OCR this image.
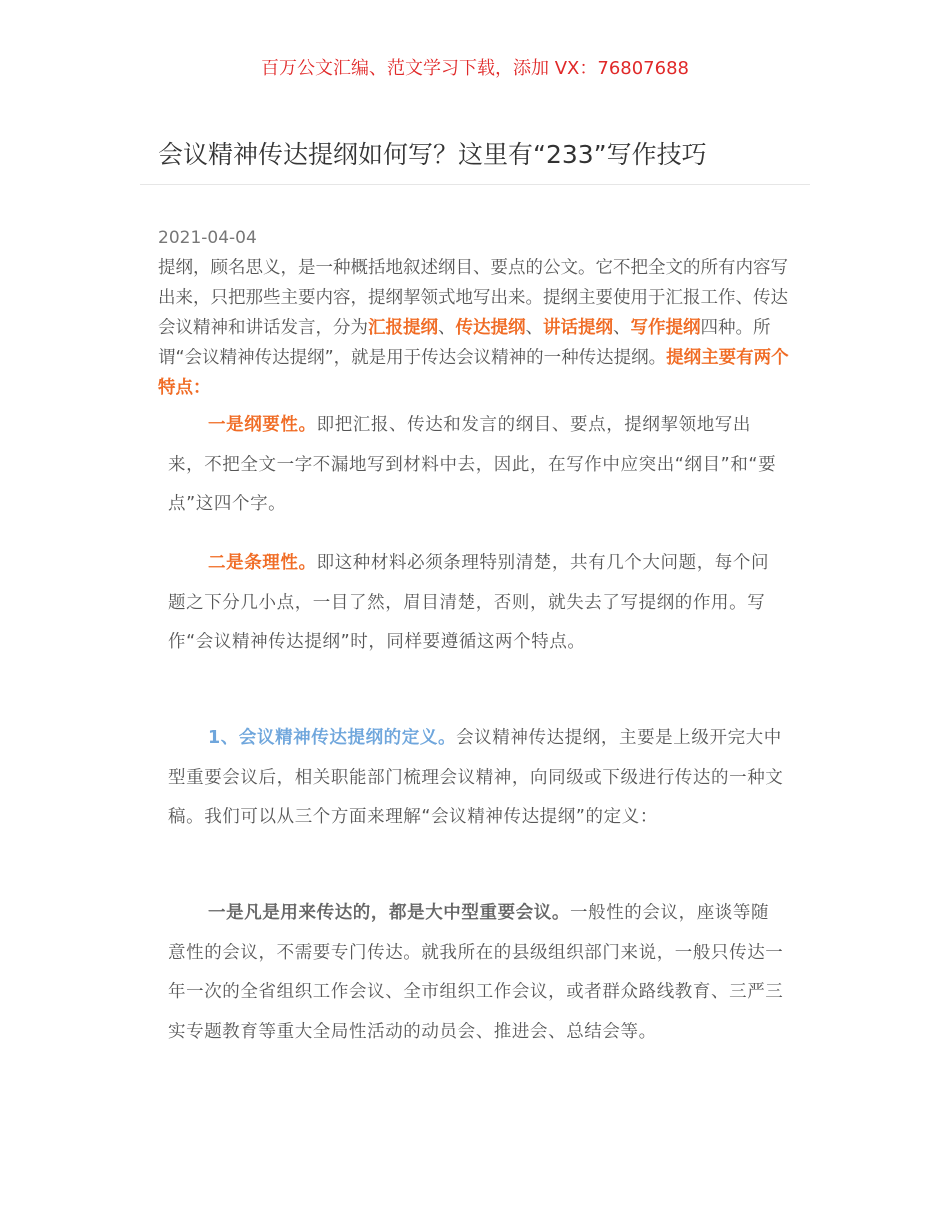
百万公文汇编、范文学习下载，添加 VX：76807688
会议精神传达提纲如何写？这里有“233”写作技巧
2021-04-04

提纲，顾名思义，是一种概括地叙述纲目、要点的公文。它不把全文的所有内容写出来，只把那些主要内容，提纲挈领式地写出来。提纲主要使用于汇报工作、传达会议精神和讲话发言，分为汇报提纲、传达提纲、讲话提纲、写作提纲四种。所谓“会议精神传达提纲”，就是用于传达会议精神的一种传达提纲。提纲主要有两个特点：

一是纲要性。即把汇报、传达和发言的纲目、要点，提纲挈领地写出来，不把全文一字不漏地写到材料中去，因此，在写作中应突出“纲目”和“要点”这四个字。

二是条理性。即这种材料必须条理特别清楚，共有几个大问题，每个问题之下分几小点，一目了然，眉目清楚，否则，就失去了写提纲的作用。写作“会议精神传达提纲”时，同样要遵循这两个特点。

1、会议精神传达提纲的定义。会议精神传达提纲，主要是上级开完大中型重要会议后，相关职能部门梳理会议精神，向同级或下级进行传达的一种文稿。我们可以从三个方面来理解“会议精神传达提纲”的定义：

一是凡是用来传达的，都是大中型重要会议。一般性的会议，座谈等随意性的会议，不需要专门传达。就我所在的县级组织部门来说，一般只传达一年一次的全省组织工作会议、全市组织工作会议，或者群众路线教育、三严三实专题教育等重大全局性活动的动员会、推进会、总结会等。
